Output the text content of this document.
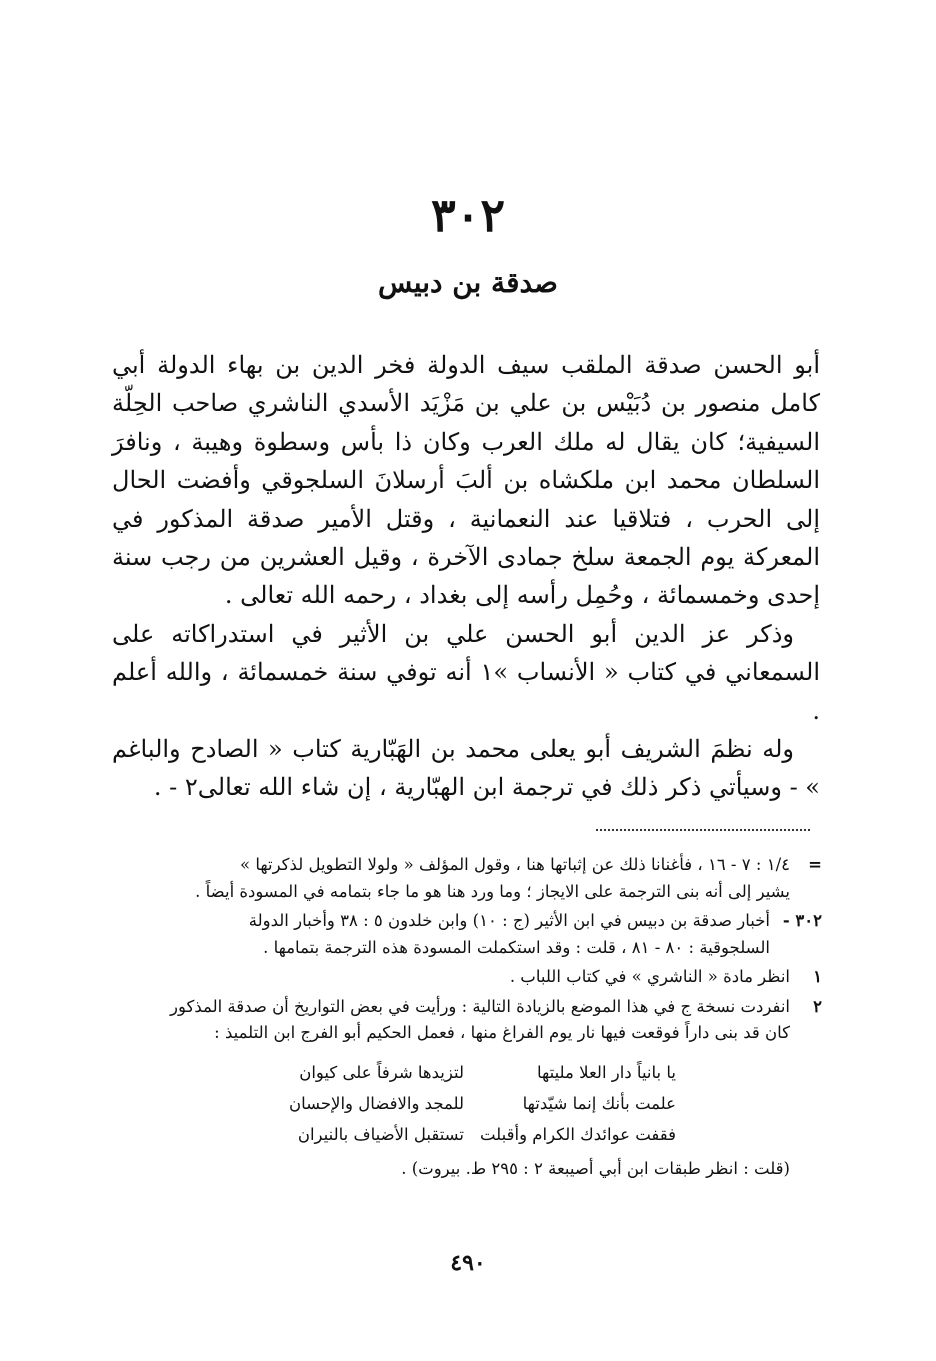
٣٠٢
صدقة بن دبيس

أبو الحسن صدقة الملقب سيف الدولة فخر الدين بن بهاء الدولة أبي كامل منصور بن دُبَيْس بن علي بن مَزْيَد الأسدي الناشري صاحب الحِلّة السيفية؛ كان يقال له ملك العرب وكان ذا بأس وسطوة وهيبة ، ونافرَ السلطان محمد ابن ملكشاه بن ألبَ أرسلانَ السلجوقي وأفضت الحال إلى الحرب ، فتلاقيا عند النعمانية ، وقتل الأمير صدقة المذكور في المعركة يوم الجمعة سلخ جمادى الآخرة ، وقيل العشرين من رجب سنة إحدى وخمسمائة ، وحُمِل رأسه إلى بغداد ، رحمه الله تعالى .

وذكر عز الدين أبو الحسن علي بن الأثير في استدراكاته على السمعاني في كتاب « الأنساب »١ أنه توفي سنة خمسمائة ، والله أعلم .

وله نظمَ الشريف أبو يعلى محمد بن الهَبّارية كتاب « الصادح والباغم » - وسيأتي ذكر ذلك في ترجمة ابن الهبّارية ، إن شاء الله تعالى٢ - .

=
١/٤ : ٧ - ١٦ ، فأغنانا ذلك عن إثباتها هنا ، وقول المؤلف « ولولا التطويل لذكرتها »
يشير إلى أنه بنى الترجمة على الايجاز ؛ وما ورد هنا هو ما جاء بتمامه في المسودة أيضاً .
٣٠٢ -
أخبار صدقة بن دبيس في ابن الأثير (ج : ١٠) وابن خلدون ٥ : ٣٨ وأخبار الدولة
السلجوقية : ٨٠ - ٨١ ، قلت : وقد استكملت المسودة هذه الترجمة بتمامها .
١
انظر مادة « الناشري » في كتاب اللباب .
٢
انفردت نسخة ج في هذا الموضع بالزيادة التالية : ورأيت في بعض التواريخ أن صدقة المذكور
كان قد بنى داراً فوقعت فيها نار يوم الفراغ منها ، فعمل الحكيم أبو الفرج ابن التلميذ :
يا بانياً دار العلا مليتها
لتزيدها شرفاً على كيوان
علمت بأنك إنما شيّدتها
للمجد والافضال والإحسان
فقفت عوائدك الكرام وأقبلت
تستقبل الأضياف بالنيران
(قلت : انظر طبقات ابن أبي أصيبعة ٢ : ٢٩٥ ط. بيروت) .
٤٩٠
